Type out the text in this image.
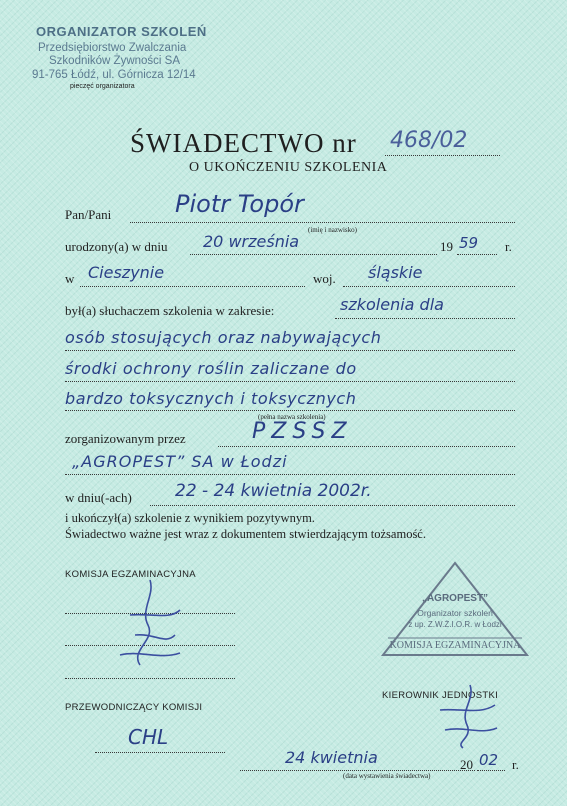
ORGANIZATOR SZKOLEŃ
Przedsiębiorstwo Zwalczania
Szkodników Żywności SA
91-765 Łódź, ul. Górnicza 12/14
pieczęć organizatora
ŚWIADECTWO nr 468/02
O UKOŃCZENIU SZKOLENIA
Pan/Pani	Piotr Topór
(imię i nazwisko)
urodzony(a) w dniu 20 września	19 59 r.
w Cieszynie	woj. śląskie
był(a) słuchaczem szkolenia w zakresie:	szkolenia dla
osób stosujących oraz nabywających
środki ochrony roślin zaliczane do
bardzo toksycznych i toksycznych
(pełna nazwa szkolenia)
zorganizowanym przez	PZSSZ
„AGROPEST” SA w Łodzi
w dniu(-ach)	22 - 24 kwietnia 2002r.
i ukończył(a) szkolenie z wynikiem pozytywnym.
Świadectwo ważne jest wraz z dokumentem stwierdzającym tożsamość.
KOMISJA EGZAMINACYJNA
PRZEWODNICZĄCY KOMISJI
CHL
„AGROPEST”
Organizator szkoleń
z up. Z.W.Ż.I.O.R. w Łodzi
KOMISJA EGZAMINACYJNA
KIEROWNIK JEDNOSTKI
24 kwietnia	20 02 r.
(data wystawienia świadectwa)
